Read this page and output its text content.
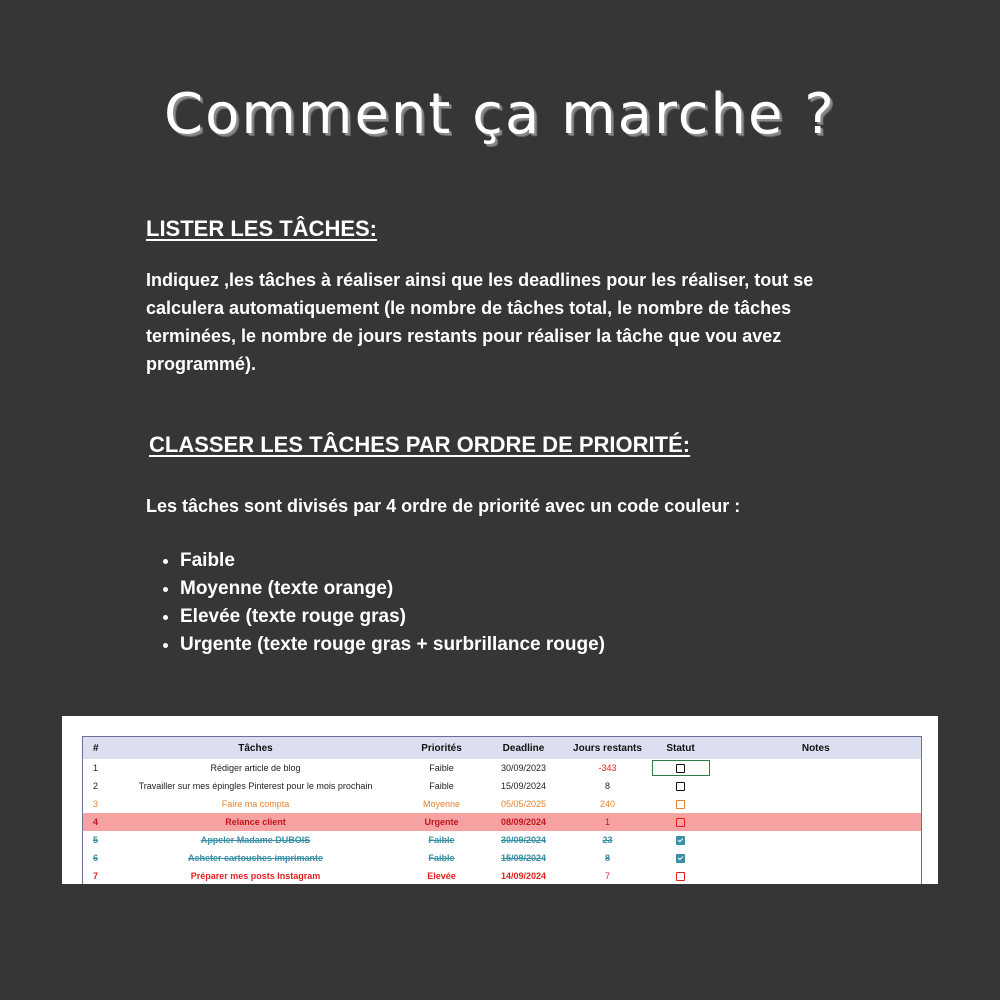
Comment ça marche ?

LISTER LES TÂCHES:

Indiquez ,les tâches à réaliser ainsi que les deadlines pour les réaliser, tout se calculera automatiquement (le nombre de tâches total, le nombre de tâches terminées, le nombre de jours restants pour réaliser la tâche que vou avez programmé).

CLASSER LES TÂCHES PAR ORDRE DE PRIORITÉ:

Les tâches sont divisés par 4 ordre de priorité avec un code couleur :

• Faible
• Moyenne (texte orange)
• Elevée (texte rouge gras)
• Urgente (texte rouge gras + surbrillance rouge)
#	Tâches	Priorités	Deadline	Jours restants	Statut	Notes
1	Rédiger article de blog	Faible	30/09/2023	-343		
2	Travailler sur mes épingles Pinterest pour le mois prochain	Faible	15/09/2024	8		
3	Faire ma compta	Moyenne	05/05/2025	240		
4	Relance client	Urgente	08/09/2024	1		
5	Appeler Madame DUBOIS	Faible	30/09/2024	23		
6	Acheter cartouches imprimante	Faible	15/09/2024	8		
7	Préparer mes posts Instagram	Elevée	14/09/2024	7		
